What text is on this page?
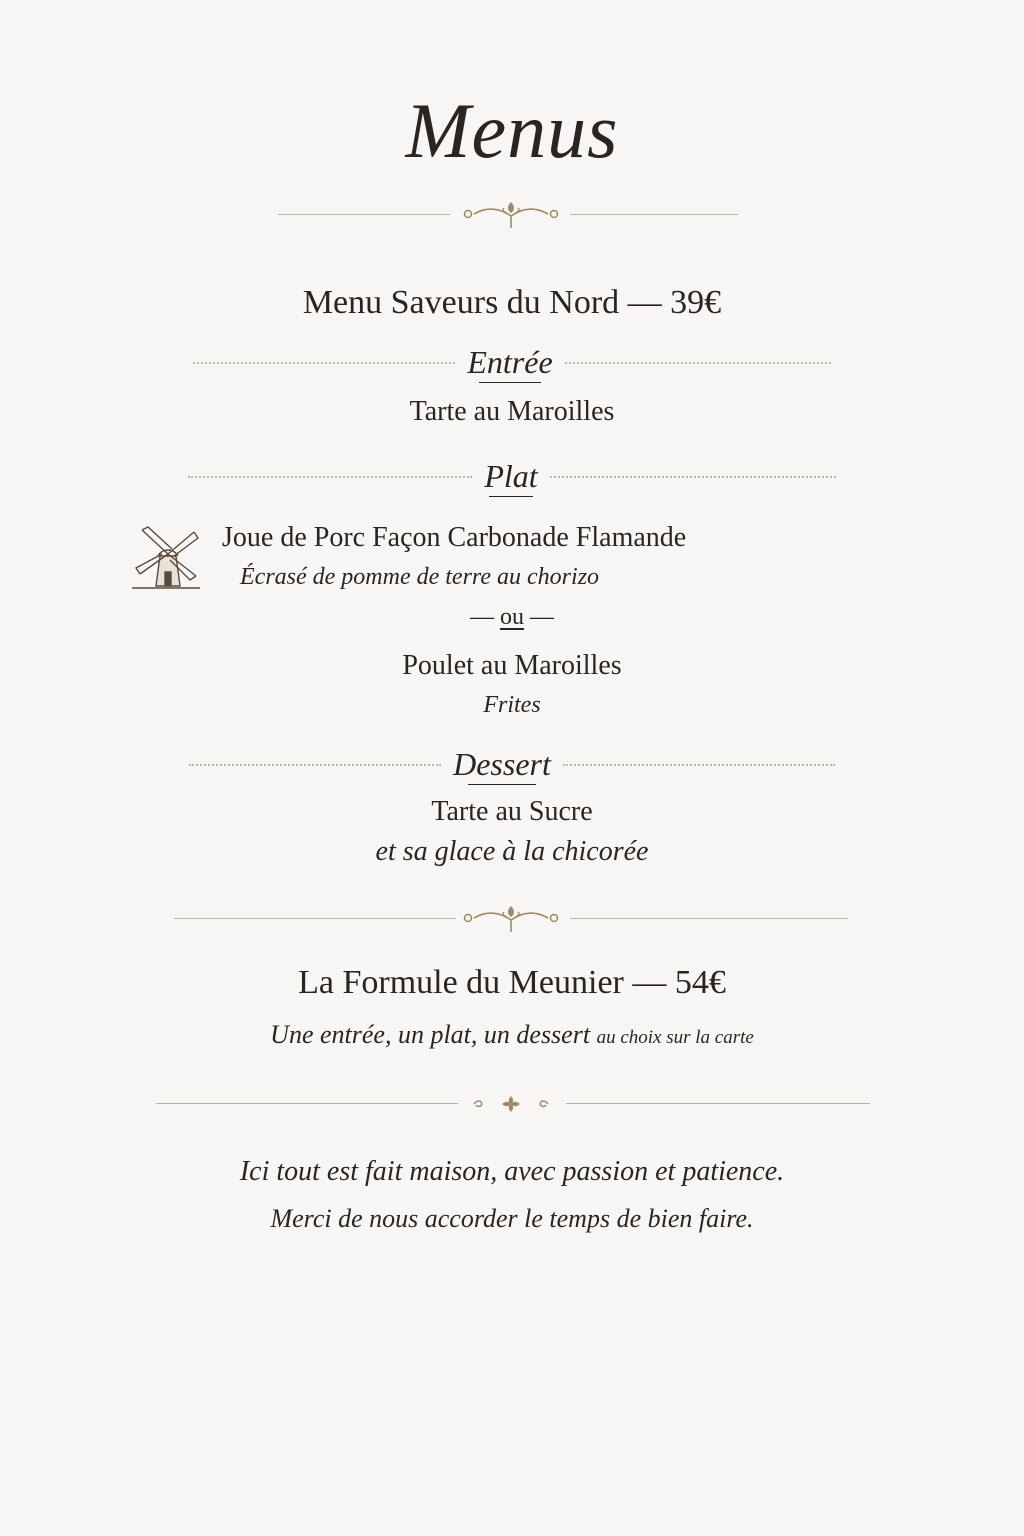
Menus
Menu Saveurs du Nord — 39€
Entrée
Tarte au Maroilles
Plat
Joue de Porc Façon Carbonade Flamande
Écrasé de pomme de terre au chorizo
— ou —
Poulet au Maroilles
Frites
Dessert
Tarte au Sucre
et sa glace à la chicorée
La Formule du Meunier — 54€
Une entrée, un plat, un dessert au choix sur la carte
Ici tout est fait maison, avec passion et patience.
Merci de nous accorder le temps de bien faire.
